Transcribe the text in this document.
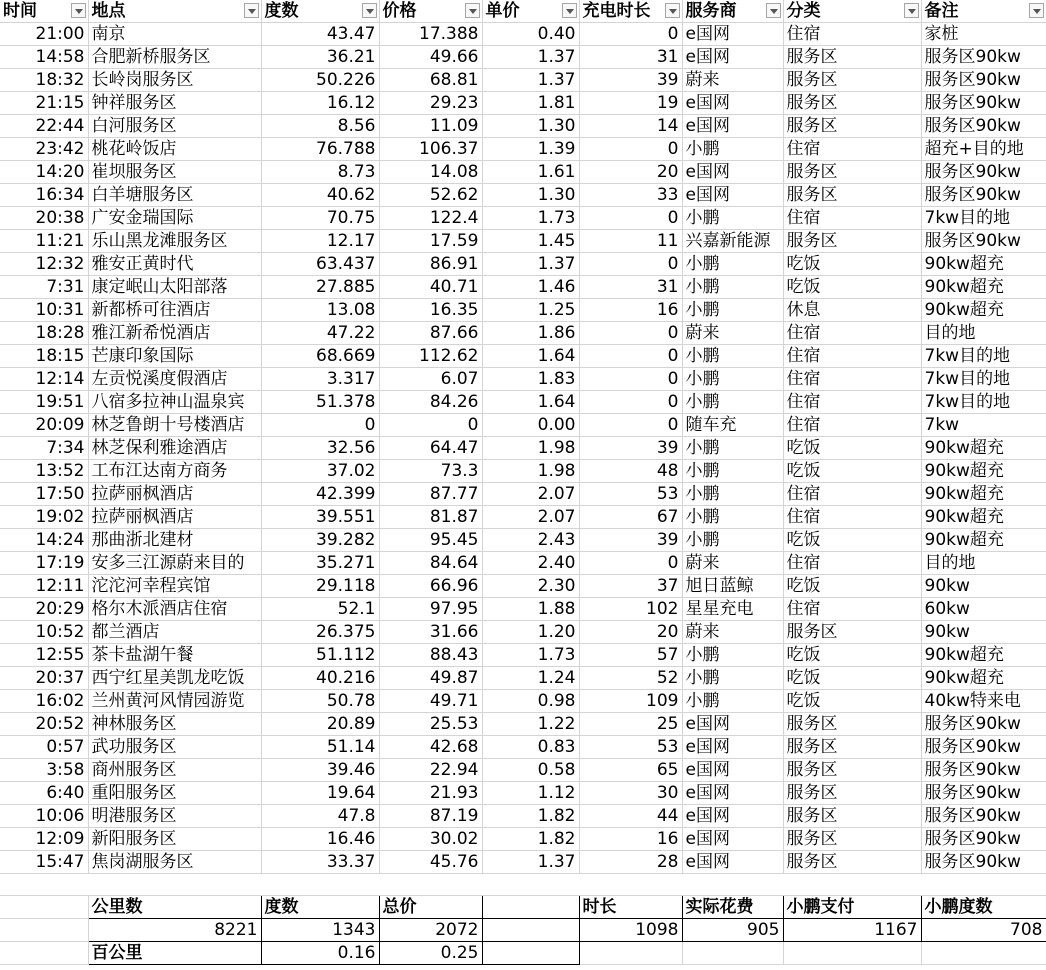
时间	地点	度数	价格	单价	充电时长	服务商	分类	备注

21:00	南京	43.47	17.388	0.40	0	e国网	住宿	家桩
14:58	合肥新桥服务区	36.21	49.66	1.37	31	e国网	服务区	服务区90kw
18:32	长岭岗服务区	50.226	68.81	1.37	39	蔚来	服务区	服务区90kw
21:15	钟祥服务区	16.12	29.23	1.81	19	e国网	服务区	服务区90kw
22:44	白河服务区	8.56	11.09	1.30	14	e国网	服务区	服务区90kw
23:42	桃花岭饭店	76.788	106.37	1.39	0	小鹏	住宿	超充+目的地
14:20	崔坝服务区	8.73	14.08	1.61	20	e国网	服务区	服务区90kw
16:34	白羊塘服务区	40.62	52.62	1.30	33	e国网	服务区	服务区90kw
20:38	广安金瑞国际	70.75	122.4	1.73	0	小鹏	住宿	7kw目的地
11:21	乐山黑龙滩服务区	12.17	17.59	1.45	11	兴嘉新能源	服务区	服务区90kw
12:32	雅安正黄时代	63.437	86.91	1.37	0	小鹏	吃饭	90kw超充
7:31	康定岷山太阳部落	27.885	40.71	1.46	31	小鹏	吃饭	90kw超充
10:31	新都桥可往酒店	13.08	16.35	1.25	16	小鹏	休息	90kw超充
18:28	雅江新希悦酒店	47.22	87.66	1.86	0	蔚来	住宿	目的地
18:15	芒康印象国际	68.669	112.62	1.64	0	小鹏	住宿	7kw目的地
12:14	左贡悦溪度假酒店	3.317	6.07	1.83	0	小鹏	住宿	7kw目的地
19:51	八宿多拉神山温泉宾	51.378	84.26	1.64	0	小鹏	住宿	7kw目的地
20:09	林芝鲁朗十号楼酒店	0	0	0.00	0	随车充	住宿	7kw
7:34	林芝保利雅途酒店	32.56	64.47	1.98	39	小鹏	吃饭	90kw超充
13:52	工布江达南方商务	37.02	73.3	1.98	48	小鹏	吃饭	90kw超充
17:50	拉萨丽枫酒店	42.399	87.77	2.07	53	小鹏	住宿	90kw超充
19:02	拉萨丽枫酒店	39.551	81.87	2.07	67	小鹏	住宿	90kw超充
14:24	那曲浙北建材	39.282	95.45	2.43	39	小鹏	吃饭	90kw超充
17:19	安多三江源蔚来目的	35.271	84.64	2.40	0	蔚来	住宿	目的地
12:11	沱沱河幸程宾馆	29.118	66.96	2.30	37	旭日蓝鲸	吃饭	90kw
20:29	格尔木派酒店住宿	52.1	97.95	1.88	102	星星充电	住宿	60kw
10:52	都兰酒店	26.375	31.66	1.20	20	蔚来	服务区	90kw
12:55	茶卡盐湖午餐	51.112	88.43	1.73	57	小鹏	吃饭	90kw超充
20:37	西宁红星美凯龙吃饭	40.216	49.87	1.24	52	小鹏	吃饭	90kw超充
16:02	兰州黄河风情园游览	50.78	49.71	0.98	109	小鹏	吃饭	40kw特来电
20:52	神林服务区	20.89	25.53	1.22	25	e国网	服务区	服务区90kw
0:57	武功服务区	51.14	42.68	0.83	53	e国网	服务区	服务区90kw
3:58	商州服务区	39.46	22.94	0.58	65	e国网	服务区	服务区90kw
6:40	重阳服务区	19.64	21.93	1.12	30	e国网	服务区	服务区90kw
10:06	明港服务区	47.8	87.19	1.82	44	e国网	服务区	服务区90kw
12:09	新阳服务区	16.46	30.02	1.82	16	e国网	服务区	服务区90kw
15:47	焦岗湖服务区	33.37	45.76	1.37	28	e国网	服务区	服务区90kw

	公里数	度数	总价		时长	实际花费	小鹏支付	小鹏度数
	8221	1343	2072		1098	905	1167	708
	百公里	0.16	0.25					
